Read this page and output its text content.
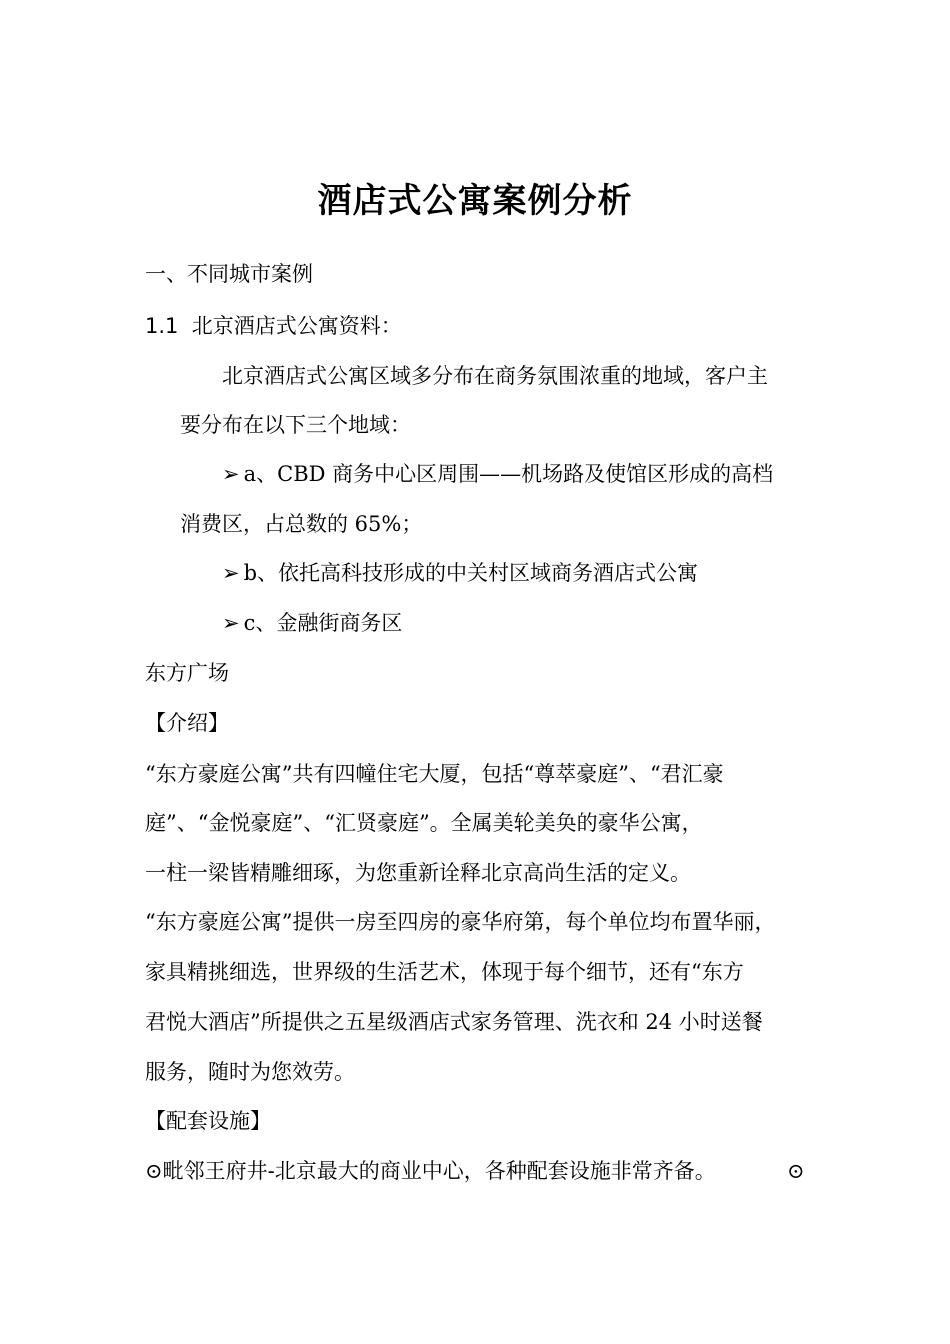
酒店式公寓案例分析
一、不同城市案例
1.1 北京酒店式公寓资料：
北京酒店式公寓区域多分布在商务氛围浓重的地域，客户主
要分布在以下三个地域：
➢ a、CBD 商务中心区周围——机场路及使馆区形成的高档
消费区，占总数的 65%；
➢ b、依托高科技形成的中关村区域商务酒店式公寓
➢ c、金融街商务区
东方广场
【介绍】
“东方豪庭公寓”共有四幢住宅大厦，包括“尊萃豪庭”、“君汇豪
庭”、“金悦豪庭”、“汇贤豪庭”。全属美轮美奂的豪华公寓，
一柱一梁皆精雕细琢，为您重新诠释北京高尚生活的定义。
“东方豪庭公寓”提供一房至四房的豪华府第，每个单位均布置华丽，
家具精挑细选，世界级的生活艺术，体现于每个细节，还有“东方
君悦大酒店”所提供之五星级酒店式家务管理、洗衣和 24 小时送餐
服务，随时为您效劳。
【配套设施】
⊙毗邻王府井-北京最大的商业中心，各种配套设施非常齐备。	⊙
